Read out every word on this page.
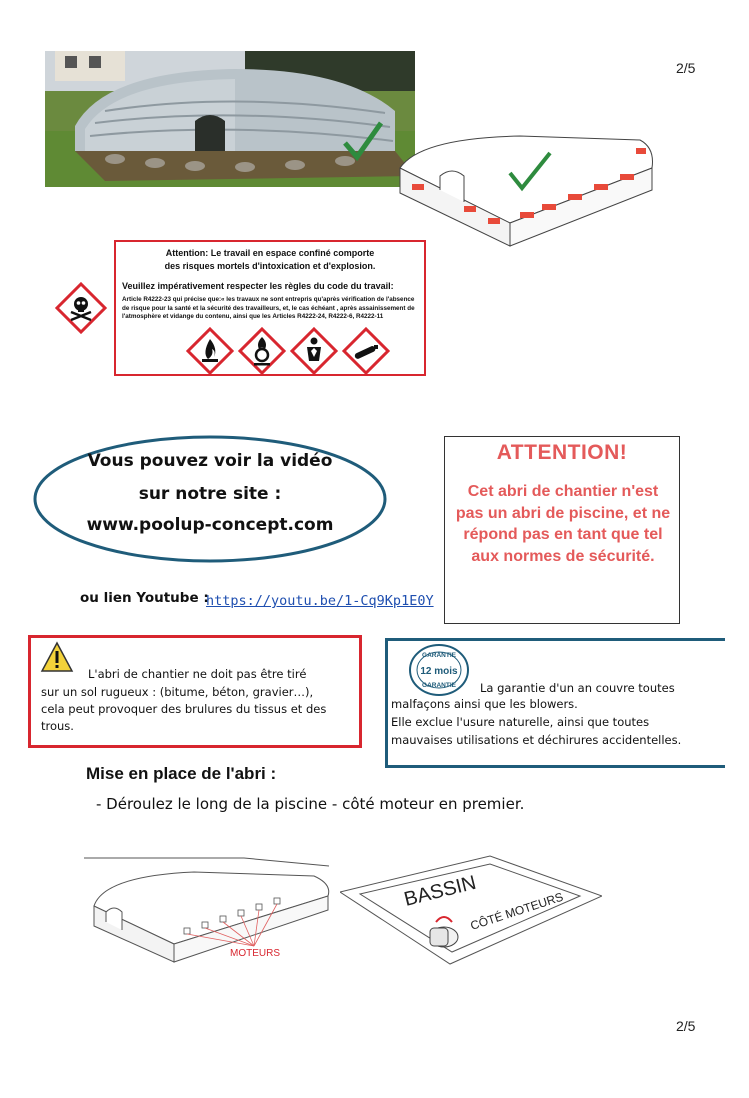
2/5
2/5
Attention: Le travail en espace confiné comporte
des risques mortels d'intoxication et d'explosion.
Veuillez impérativement respecter les règles du code du travail:
Article R4222-23 qui précise que:« les travaux ne sont entrepris qu'après vérification de l'absence
de risque pour la santé et la sécurité des travailleurs, et, le cas échéant , après assainissement de
l'atmosphère et vidange du contenu, ainsi que les Articles R4222-24, R4222-6, R4222-11
Vous pouvez voir la vidéo
sur notre site :
www.poolup-concept.com
ou lien Youtube :
https://youtu.be/1-Cq9Kp1E0Y
ATTENTION!
Cet abri de chantier n'est pas un abri de piscine, et ne répond pas en tant que tel aux normes de sécurité.
L'abri de chantier ne doit pas être tiré
sur un sol rugueux : (bitume, béton, gravier…),
cela peut provoquer des brulures du tissus et des
trous.
GARANTIE
12 mois
GARANTIE La garantie d'un an couvre toutes
malfaçons ainsi que les blowers.
Elle exclue l'usure naturelle, ainsi que toutes
mauvaises utilisations et déchirures accidentelles.
Mise en place de l'abri :
- Déroulez le long de la piscine - côté moteur en premier.
MOTEURS
BASSIN
CÔTÉ MOTEURS
